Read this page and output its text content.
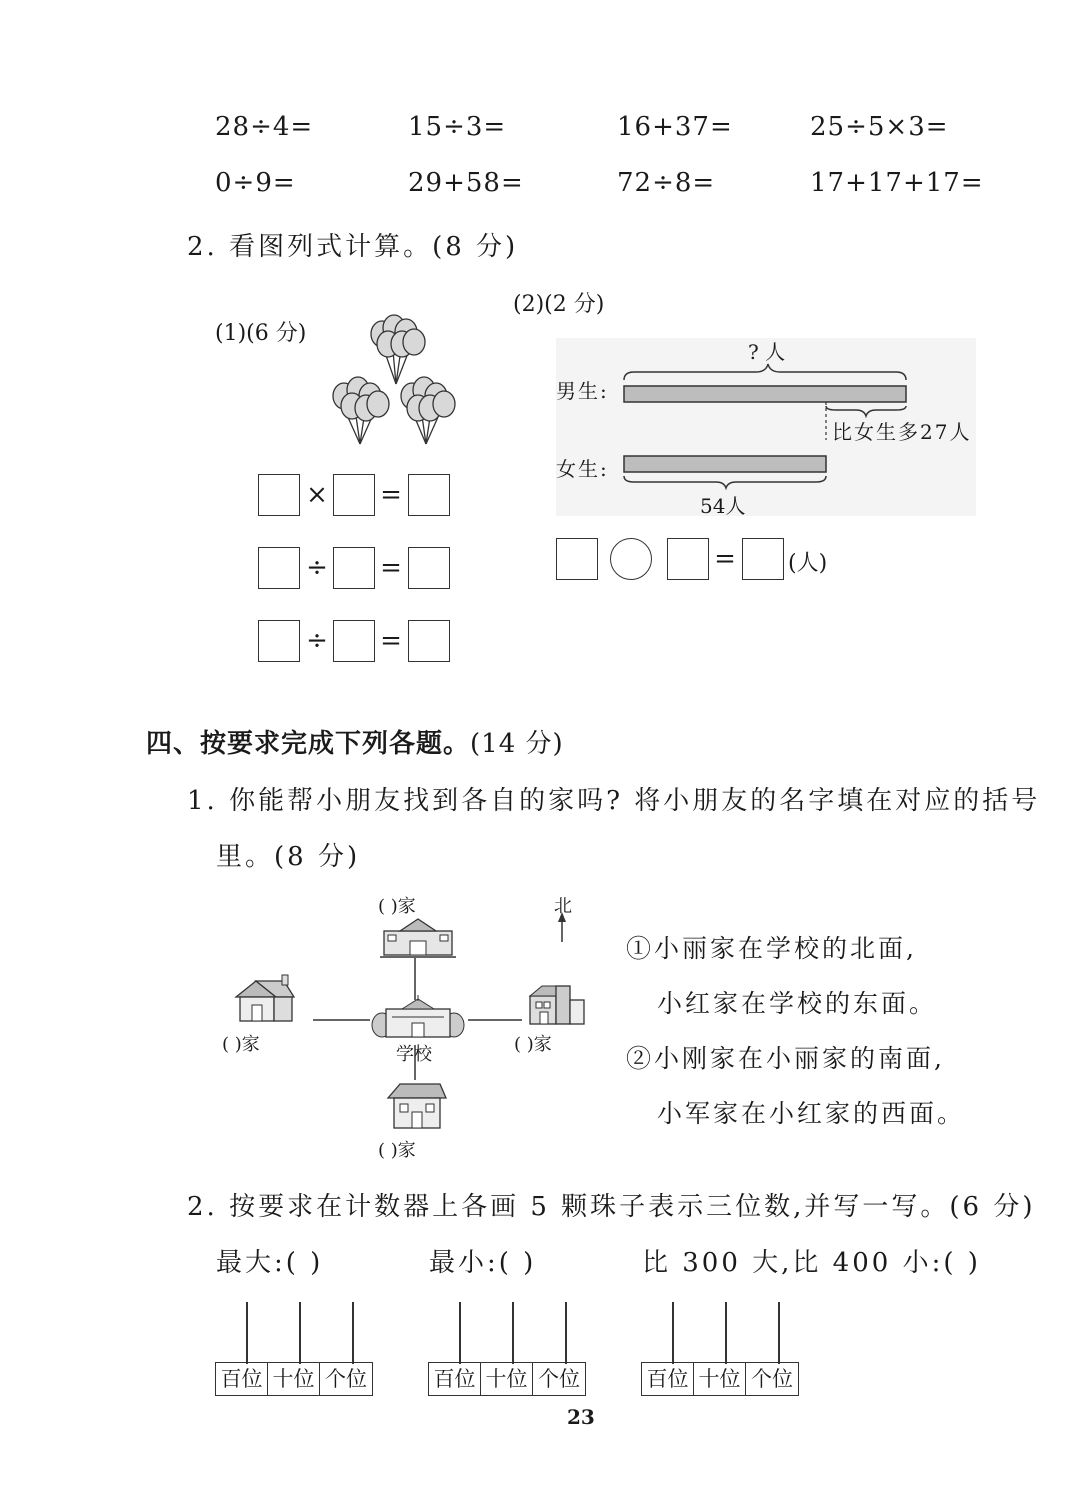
28÷4=	15÷3=	16+37=	25÷5×3=
0÷9=	29+58=	72÷8=	17+17+17=
2. 看图列式计算。(8 分)
(1)(6 分)
(2)(2 分)
× =
÷ =
÷ =
? 人
男生:
女生:
比女生多27人
54人
= (人)
四、按要求完成下列各题。(14 分)
1. 你能帮小朋友找到各自的家吗? 将小朋友的名字填在对应的括号
里。(8 分)
北
( )家
( )家	学校	( )家
( )家
①小丽家在学校的北面,
小红家在学校的东面。
②小刚家在小丽家的南面,
小军家在小红家的西面。
2. 按要求在计数器上各画 5 颗珠子表示三位数,并写一写。(6 分)
最大:( )	最小:( )	比 300 大,比 400 小:( )
百位 十位 个位	百位 十位 个位	百位 十位 个位
23
